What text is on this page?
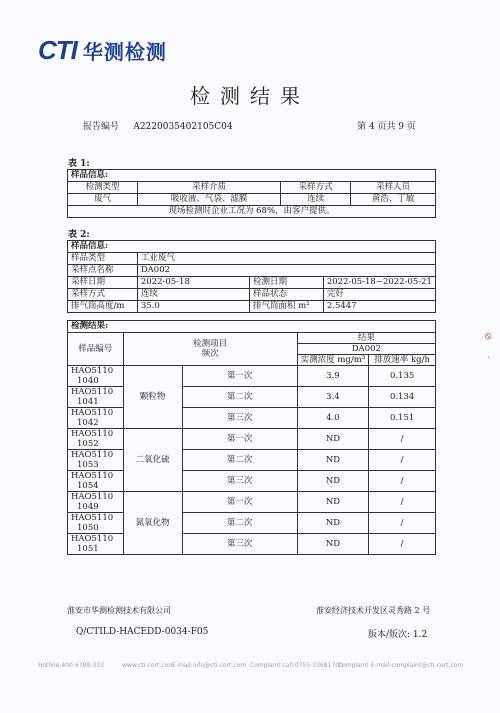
CTI 华测检测
检测结果
报告编号 A2220035402105C04	第 4 页共 9 页
表 1:
样品信息:			
检测类型	采样介质	采样方式	采样人员
废气	吸收液、气袋、滤膜	连续	黄浩、丁敏
现场检测时企业工况为 68%，由客户提供。			
表 2:
样品信息:			
样品类型	工业废气		
采样点名称	DA002		
采样日期	2022-05-18	检测日期	2022-05-18~2022-05-21
采样方式	连续	样品状态	完好
排气筒高度/m	35.0	排气筒面积 m²	2.5447
检测结果:				
样品编号	检测项目
频次		结果	
			DA002	
			实测浓度 mg/m³	排放速率 kg/h

HAO5110
1040	颗粒物	第一次	3.9	0.135

HAO5110
1041		第二次	3.4	0.134

HAO5110
1042		第三次	4.0	0.151

HAO5110
1052	二氧化硫	第一次	ND	/

HAO5110
1053		第二次	ND	/

HAO5110
1054		第三次	ND	/

HAO5110
1049	氮氧化物	第一次	ND	/

HAO5110
1050		第二次	ND	/

HAO5110
1051		第三次	ND	/
淮安市华测检测技术有限公司	淮安经济技术开发区灵秀路 2 号
Q/CTILD-HACEDD-0034-F05	版本/版次: 1.2
Hotline:400-6788-333	www.cti-cert.com
E-mail:info@cti-cert.com Complaint call:0755-33681700
Complaint E-mail:complaint@cti-cert.com
⊘ ·
